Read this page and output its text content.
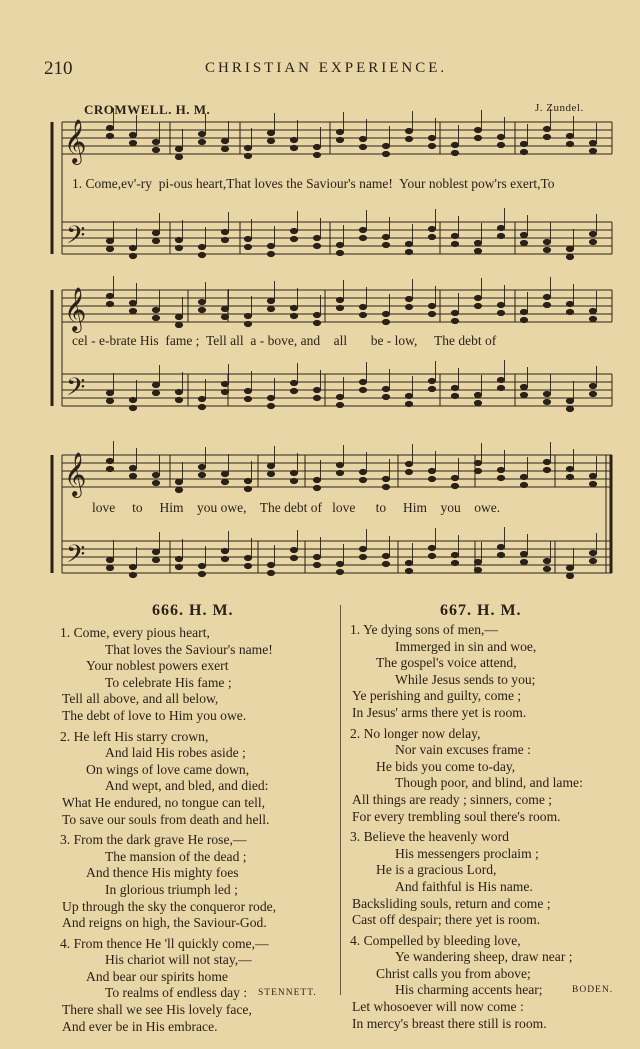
210	CHRISTIAN EXPERIENCE.
CROMWELL. H. M.	J. Zundel.
𝄞
𝄢
𝄞
𝄢
𝄞
𝄢
1. Come,ev'-ry  pi-ous heart,That loves the Saviour's name!  Your noblest pow'rs exert,To
cel - e-brate His  fame ;  Tell all  a - bove, and    all       be - low,     The debt of
love     to     Him    you owe,    The debt of   love      to     Him    you    owe.
666. H. M.	667. H. M.
1. Come, every pious heart,
That loves the Saviour's name!
Your noblest powers exert
To celebrate His fame ;
Tell all above, and all below,
The debt of love to Him you owe.
2. He left His starry crown,
And laid His robes aside ;
On wings of love came down,
And wept, and bled, and died:
What He endured, no tongue can tell,
To save our souls from death and hell.
3. From the dark grave He rose,—
The mansion of the dead ;
And thence His mighty foes
In glorious triumph led ;
Up through the sky the conqueror rode,
And reigns on high, the Saviour-God.
4. From thence He 'll quickly come,—
His chariot will not stay,—
And bear our spirits home
To realms of endless day :
There shall we see His lovely face,
And ever be in His embrace.
1. Ye dying sons of men,—
Immerged in sin and woe,
The gospel's voice attend,
While Jesus sends to you;
Ye perishing and guilty, come ;
In Jesus' arms there yet is room.
2. No longer now delay,
Nor vain excuses frame :
He bids you come to-day,
Though poor, and blind, and lame:
All things are ready ; sinners, come ;
For every trembling soul there's room.
3. Believe the heavenly word
His messengers proclaim ;
He is a gracious Lord,
And faithful is His name.
Backsliding souls, return and come ;
Cast off despair; there yet is room.
4. Compelled by bleeding love,
Ye wandering sheep, draw near ;
Christ calls you from above;
His charming accents hear;
Let whosoever will now come :
In mercy's breast there still is room.
STENNETT.	BODEN.
